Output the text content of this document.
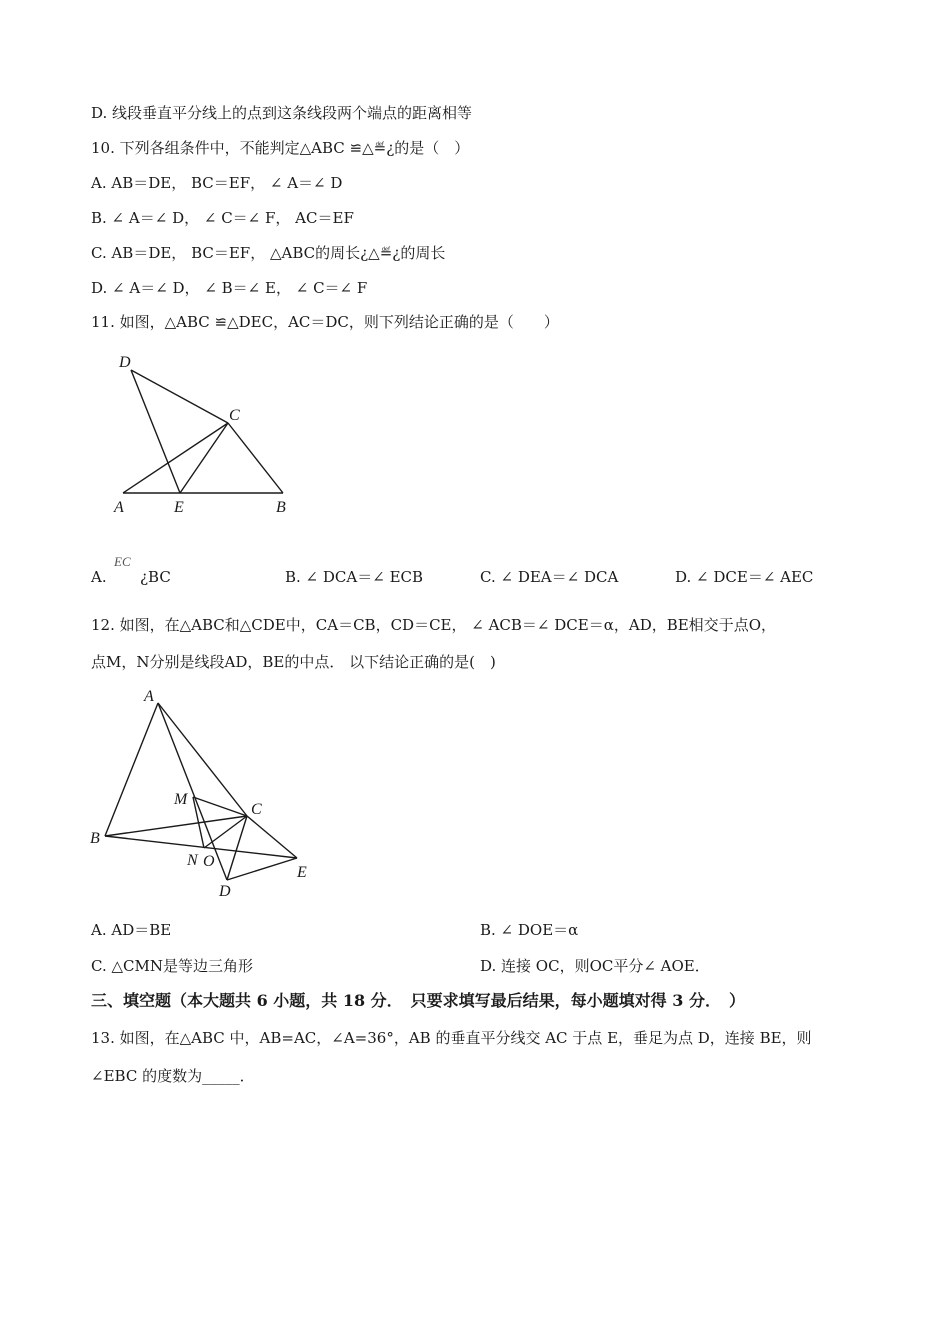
D. 线段垂直平分线上的点到这条线段两个端点的距离相等
10. 下列各组条件中，不能判定△ABC ≌△≝¿的是（　）
A. AB＝DE， BC＝EF， ∠ A＝∠ D
B. ∠ A＝∠ D， ∠ C＝∠ F， AC＝EF
C. AB＝DE， BC＝EF， △ABC的周长¿△≝¿的周长
D. ∠ A＝∠ D， ∠ B＝∠ E， ∠ C＝∠ F
11. 如图，△ABC ≌△DEC，AC＝DC，则下列结论正确的是（　　）
D
C
A	E	B
A.
EC
¿BC	B. ∠ DCA＝∠ ECB	C. ∠ DEA＝∠ DCA	D. ∠ DCE＝∠ AEC
12. 如图，在△ABC和△CDE中，CA＝CB，CD＝CE， ∠ ACB＝∠ DCE＝α，AD，BE相交于点O，
点M，N分别是线段AD，BE的中点． 以下结论正确的是(　)
A
M
C
B
N O
E
D
A. AD＝BE	B. ∠ DOE＝α
C. △CMN是等边三角形	D. 连接 OC，则OC平分∠ AOE．
三、填空题（本大题共 6 小题，共 18 分．　只要求填写最后结果，每小题填对得 3 分．　）
13. 如图，在△ABC 中，AB=AC，∠A=36°，AB 的垂直平分线交 AC 于点 E，垂足为点 D，连接 BE，则
∠EBC 的度数为_____．
